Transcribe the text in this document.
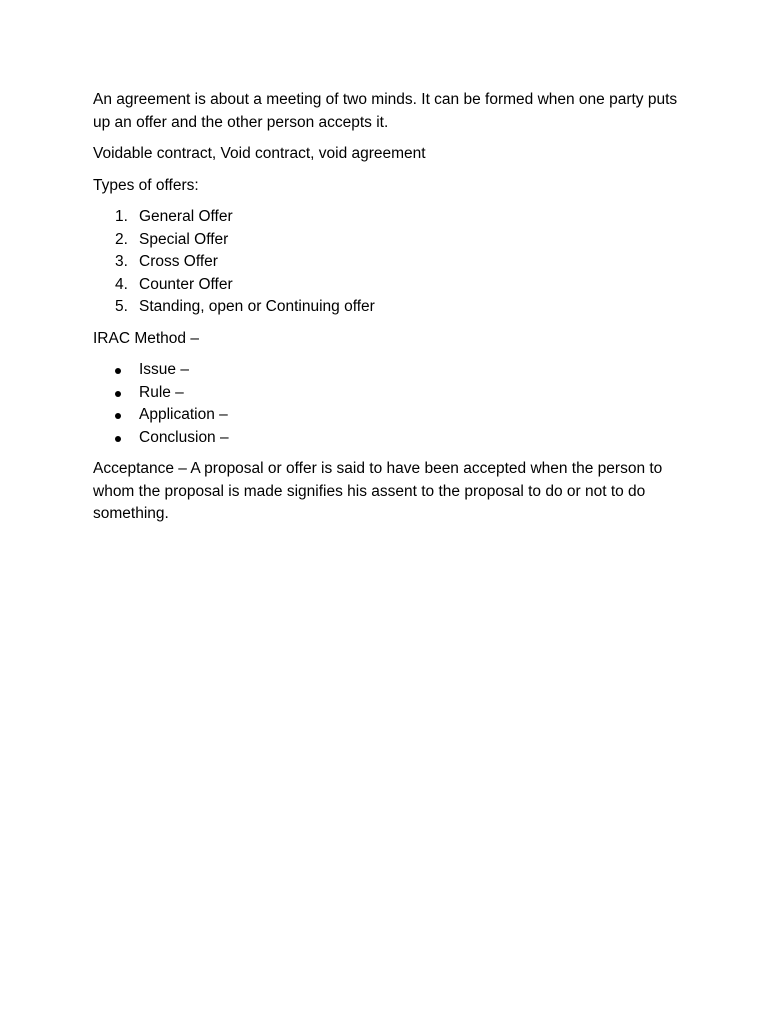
An agreement is about a meeting of two minds. It can be formed when one party puts up an offer and the other person accepts it.

Voidable contract, Void contract, void agreement

Types of offers:

1. General Offer
2. Special Offer
3. Cross Offer
4. Counter Offer
5. Standing, open or Continuing offer

IRAC Method –

Issue –
Rule –
Application –
Conclusion –

Acceptance – A proposal or offer is said to have been accepted when the person to whom the proposal is made signifies his assent to the proposal to do or not to do something.
